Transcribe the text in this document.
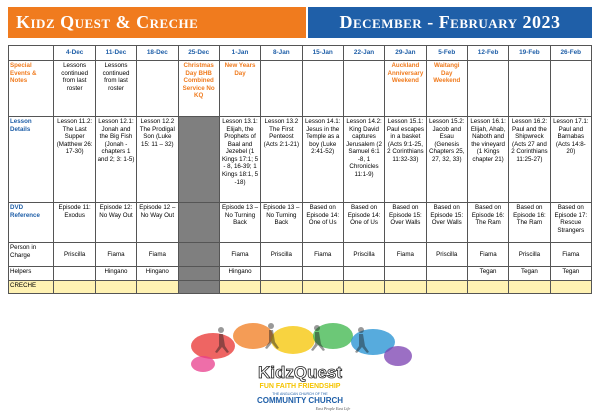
Kidz Quest & Creche	December - February 2023
	4-Dec	11-Dec	18-Dec	25-Dec	1-Jan	8-Jan	15-Jan	22-Jan	29-Jan	5-Feb	12-Feb	19-Feb	26-Feb
Special Events & Notes	Lessons continued from last roster	Lessons continued from last roster		Christmas Day BHB Combined Service No KQ	New Years Day				Auckland Anniversary Weekend	Waitangi Day Weekend			
Lesson Details	Lesson 11.2: The Last Supper (Matthew 26: 17-30)	Lesson 12.1: Jonah and the Big Fish (Jonah - chapters 1 and 2; 3: 1-5)	Lesson 12.2 The Prodigal Son (Luke 15: 11 – 32)		Lesson 13.1: Elijah, the Prophets of Baal and Jezebel (1 Kings 17:1; 5 - 8, 16-39; 1 Kings 18:1, 5 -18)	Lesson 13.2 The First Penteost (Acts 2:1-21)	Lesson 14.1: Jesus in the Temple as a boy (Luke 2:41-52)	Lesson 14.2: King David captures Jerusalem (2 Samuel 6:1 -8, 1 Chronicles 11:1-9)	Lesson 15.1: Paul escapes in a basket (Acts 9:1-25, 2 Corinthians 11:32-33)	Lesson 15.2: Jacob and Esau (Genesis Chapters 25, 27, 32, 33)	Lesson 16.1: Elijah, Ahab, Naboth and the vineyard (1 Kings chapter 21)	Lesson 16.2: Paul and the Shipwreck (Acts 27 and 2 Corinthians 11:25-27)	Lesson 17.1: Paul and Barnabas (Acts 14:8-20)
DVD Reference	Episode 11: Exodus	Episode 12: No Way Out	Episode 12 – No Way Out		Episode 13 – No Turning Back	Episode 13 – No Turning Back	Based on Episode 14: One of Us	Based on Episode 14: One of Us	Based on Episode 15: Over Walls	Based on Episode 15: Over Walls	Based on Episode 16: The Ram	Based on Episode 16: The Ram	Based on Episode 17: Rescue Strangers
Person in Charge	Priscilla	Fiama	Fiama		Fiama	Priscilla	Fiama	Priscilla	Fiama	Priscilla	Fiama	Priscilla	Fiama
Helpers		Hingano	Hingano		Hingano						Tegan	Tegan	Tegan
CRECHE													
KidzQuest
FUN FAITH FRIENDSHIP
THE ANGLICAN CHURCH OF THE
COMMUNITY CHURCH
East People East Life
